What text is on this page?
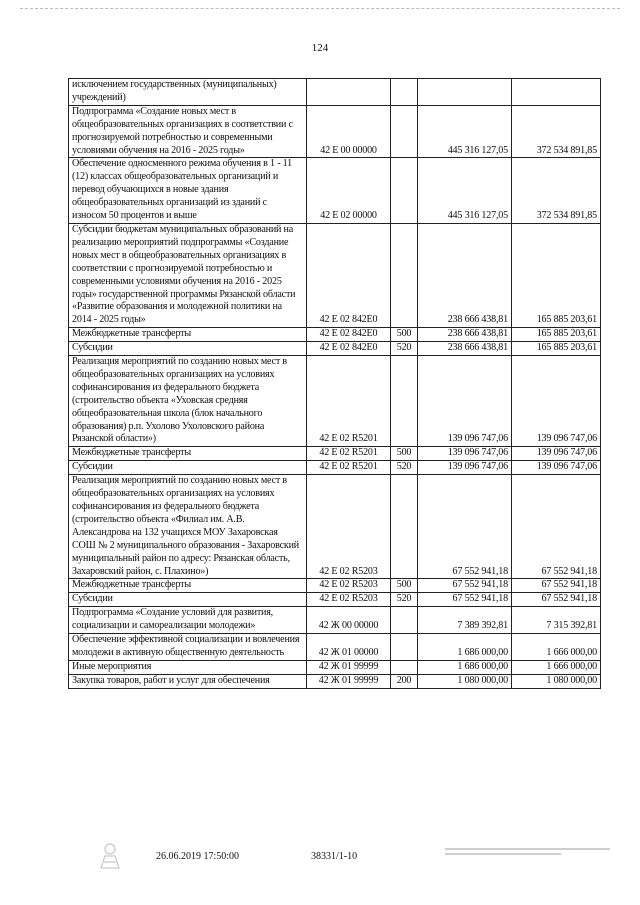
124
исключением государственных (муниципальных) учреждений)				
Подпрограмма «Создание новых мест в общеобразовательных организациях в соответствии с прогнозируемой потребностью и современными условиями обучения на 2016 - 2025 годы»	42 Е 00 00000		445 316 127,05	372 534 891,85
Обеспечение односменного режима обучения в 1 - 11 (12) классах общеобразовательных организаций и перевод обучающихся в новые здания общеобразовательных организаций из зданий с износом 50 процентов и выше	42 Е 02 00000		445 316 127,05	372 534 891,85
Субсидии бюджетам муниципальных образований на реализацию мероприятий подпрограммы «Создание новых мест в общеобразовательных организациях в соответствии с прогнозируемой потребностью и современными условиями обучения на 2016 - 2025 годы» государственной программы Рязанской области «Развитие образования и молодежной политики на 2014 - 2025 годы»	42 Е 02 842Е0		238 666 438,81	165 885 203,61
Межбюджетные трансферты	42 Е 02 842Е0	500	238 666 438,81	165 885 203,61
Субсидии	42 Е 02 842Е0	520	238 666 438,81	165 885 203,61
Реализация мероприятий по созданию новых мест в общеобразовательных организациях на условиях софинансирования из федерального бюджета (строительство объекта «Уховская средняя общеобразовательная школа (блок начального образования) р.п. Ухолово Ухоловского района Рязанской области»)	42 Е 02 R5201		139 096 747,06	139 096 747,06
Межбюджетные трансферты	42 Е 02 R5201	500	139 096 747,06	139 096 747,06
Субсидии	42 Е 02 R5201	520	139 096 747,06	139 096 747,06
Реализация мероприятий по созданию новых мест в общеобразовательных организациях на условиях софинансирования из федерального бюджета (строительство объекта «Филиал им. А.В. Александрова на 132 учащихся МОУ Захаровская СОШ № 2 муниципального образования - Захаровский муниципальный район по адресу: Рязанская область, Захаровский район, с. Плахино»)	42 Е 02 R5203		67 552 941,18	67 552 941,18
Межбюджетные трансферты	42 Е 02 R5203	500	67 552 941,18	67 552 941,18
Субсидии	42 Е 02 R5203	520	67 552 941,18	67 552 941,18
Подпрограмма «Создание условий для развития, социализации и самореализации молодежи»	42 Ж 00 00000		7 389 392,81	7 315 392,81
Обеспечение эффективной социализации и вовлечения молодежи в активную общественную деятельность	42 Ж 01 00000		1 686 000,00	1 666 000,00
Иные мероприятия	42 Ж 01 99999		1 686 000,00	1 666 000,00
Закупка товаров, работ и услуг для обеспечения	42 Ж 01 99999	200	1 080 000,00	1 080 000,00
26.06.2019 17:50:00	38331/1-10
